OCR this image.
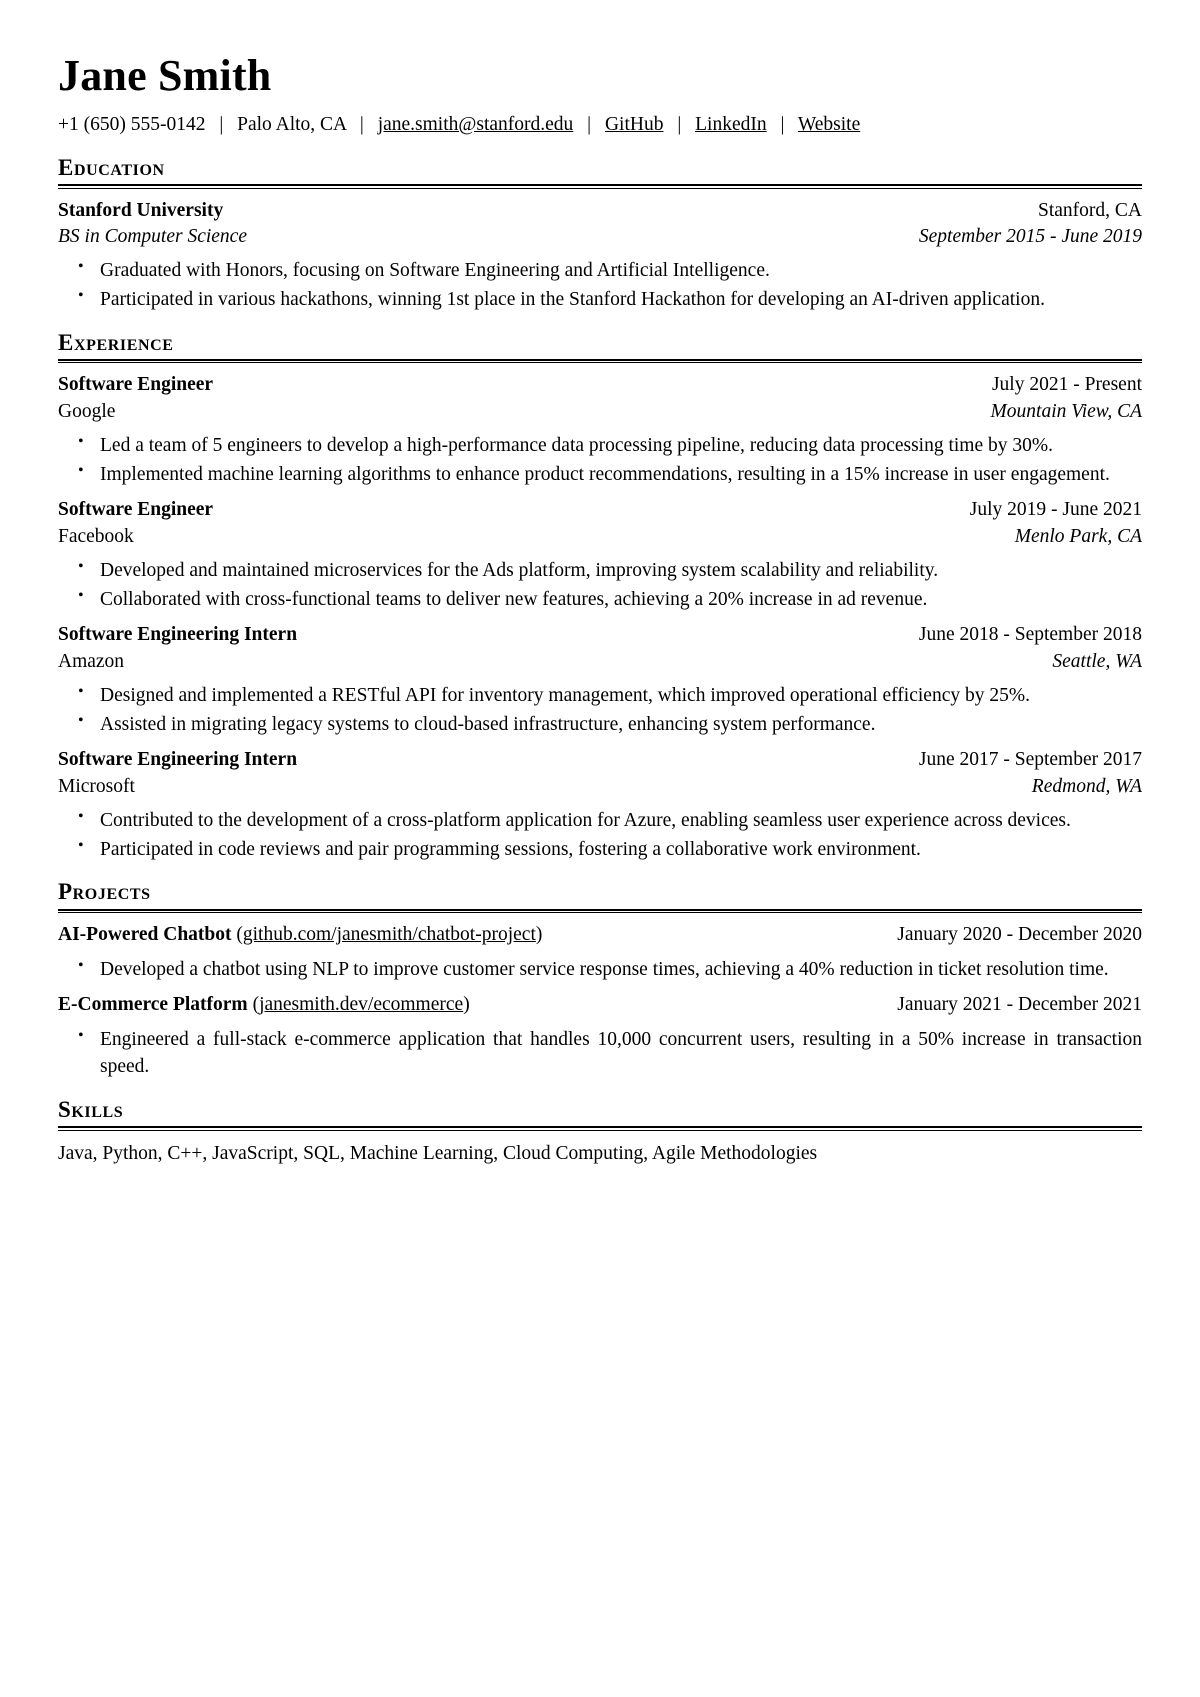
Jane Smith
+1 (650) 555-0142 | Palo Alto, CA | jane.smith@stanford.edu | GitHub | LinkedIn | Website
Education
Stanford University	Stanford, CA
BS in Computer Science	September 2015 - June 2019
• Graduated with Honors, focusing on Software Engineering and Artificial Intelligence.
• Participated in various hackathons, winning 1st place in the Stanford Hackathon for developing an AI-driven application.
Experience
Software Engineer	July 2021 - Present
Google	Mountain View, CA
• Led a team of 5 engineers to develop a high-performance data processing pipeline, reducing data processing time by 30%.
• Implemented machine learning algorithms to enhance product recommendations, resulting in a 15% increase in user engagement.
Software Engineer	July 2019 - June 2021
Facebook	Menlo Park, CA
• Developed and maintained microservices for the Ads platform, improving system scalability and reliability.
• Collaborated with cross-functional teams to deliver new features, achieving a 20% increase in ad revenue.
Software Engineering Intern	June 2018 - September 2018
Amazon	Seattle, WA
• Designed and implemented a RESTful API for inventory management, which improved operational efficiency by 25%.
• Assisted in migrating legacy systems to cloud-based infrastructure, enhancing system performance.
Software Engineering Intern	June 2017 - September 2017
Microsoft	Redmond, WA
• Contributed to the development of a cross-platform application for Azure, enabling seamless user experience across devices.
• Participated in code reviews and pair programming sessions, fostering a collaborative work environment.
Projects
AI-Powered Chatbot (github.com/janesmith/chatbot-project)	January 2020 - December 2020
• Developed a chatbot using NLP to improve customer service response times, achieving a 40% reduction in ticket resolution time.
E-Commerce Platform (janesmith.dev/ecommerce)	January 2021 - December 2021
• Engineered a full-stack e-commerce application that handles 10,000 concurrent users, resulting in a 50% increase in transaction speed.
Skills
Java, Python, C++, JavaScript, SQL, Machine Learning, Cloud Computing, Agile Methodologies
